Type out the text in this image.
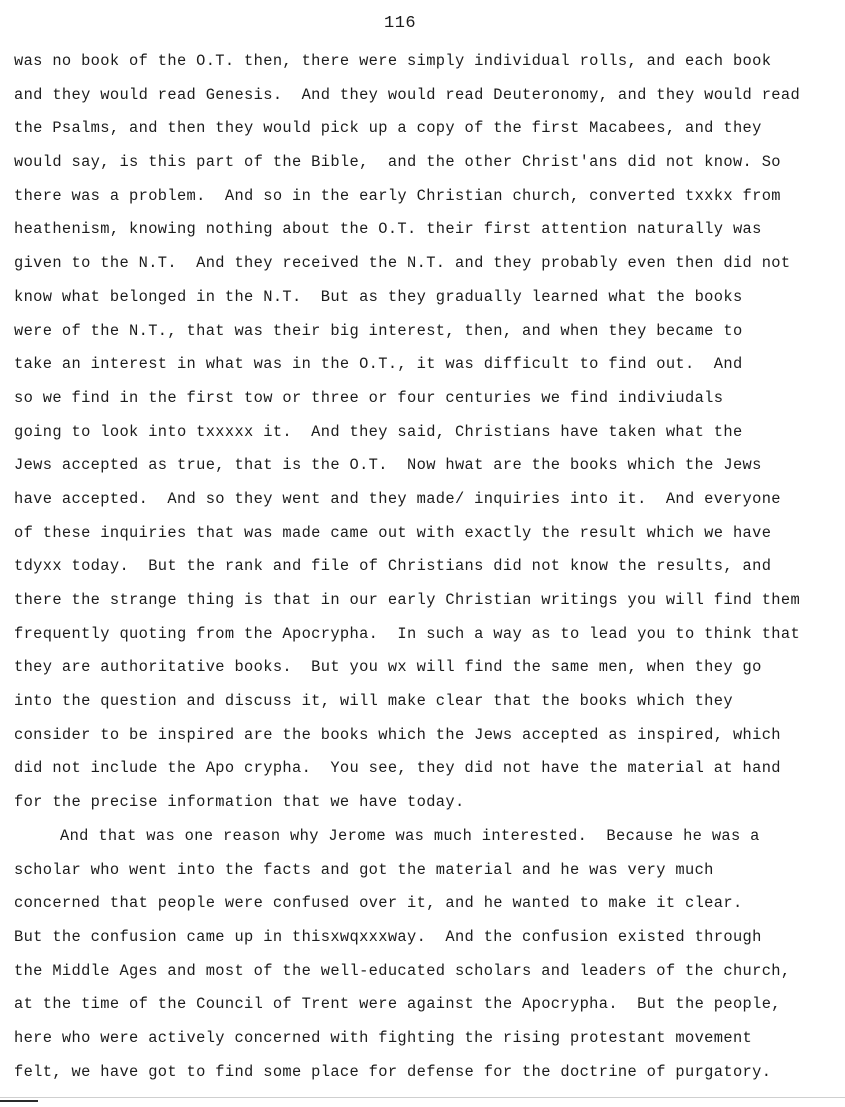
116
was no book of the O.T. then, there were simply individual rolls, and each book
and they would read Genesis.  And they would read Deuteronomy, and they would read
the Psalms, and then they would pick up a copy of the first Macabees, and they
would say, is this part of the Bible,  and the other Christ'ans did not know. So
there was a problem.  And so in the early Christian church, converted txxkx from
heathenism, knowing nothing about the O.T. their first attention naturally was
given to the N.T.  And they received the N.T. and they probably even then did not
know what belonged in the N.T.  But as they gradually learned what the books
were of the N.T., that was their big interest, then, and when they became to
take an interest in what was in the O.T., it was difficult to find out.  And
so we find in the first tow or three or four centuries we find indiviudals
going to look into txxxxx it.  And they said, Christians have taken what the
Jews accepted as true, that is the O.T.  Now hwat are the books which the Jews
have accepted.  And so they went and they made/ inquiries into it.  And everyone
of these inquiries that was made came out with exactly the result which we have
tdyxx today.  But the rank and file of Christians did not know the results, and
there the strange thing is that in our early Christian writings you will find them
frequently quoting from the Apocrypha.  In such a way as to lead you to think that
they are authoritative books.  But you wx will find the same men, when they go
into the question and discuss it, will make clear that the books which they
consider to be inspired are the books which the Jews accepted as inspired, which
did not include the Apo crypha.  You see, they did not have the material at hand
for the precise information that we have today.
And that was one reason why Jerome was much interested.  Because he was a
scholar who went into the facts and got the material and he was very much
concerned that people were confused over it, and he wanted to make it clear.
But the confusion came up in thisxwqxxxway.  And the confusion existed through
the Middle Ages and most of the well-educated scholars and leaders of the church,
at the time of the Council of Trent were against the Apocrypha.  But the people,
here who were actively concerned with fighting the rising protestant movement
felt, we have got to find some place for defense for the doctrine of purgatory.
